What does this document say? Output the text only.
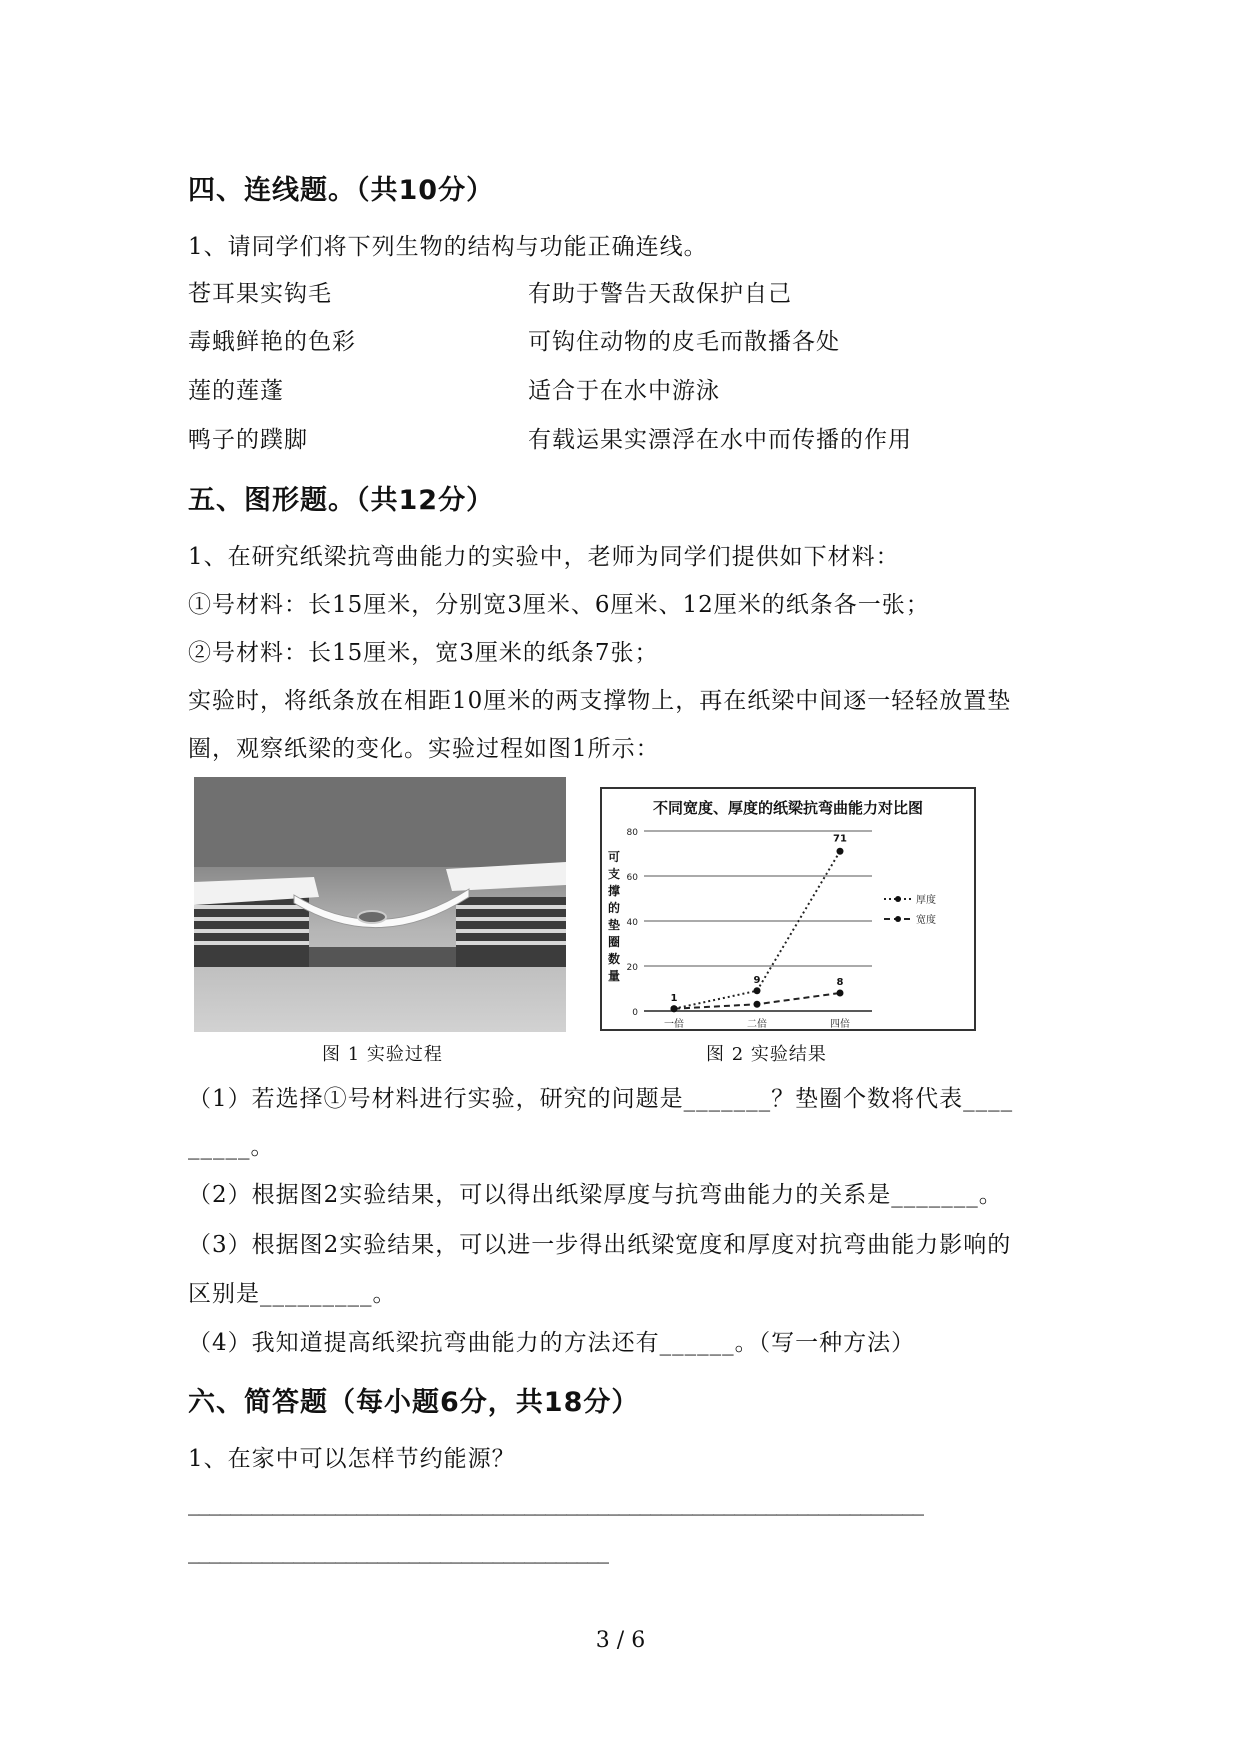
四、连线题。（共10分）
1、请同学们将下列生物的结构与功能正确连线。
苍耳果实钩毛
毒蛾鲜艳的色彩
莲的莲蓬
鸭子的蹼脚
有助于警告天敌保护自己
可钩住动物的皮毛而散播各处
适合于在水中游泳
有载运果实漂浮在水中而传播的作用
五、图形题。（共12分）
1、在研究纸梁抗弯曲能力的实验中，老师为同学们提供如下材料：
①号材料：长15厘米，分别宽3厘米、6厘米、12厘米的纸条各一张；
②号材料：长15厘米，宽3厘米的纸条7张；
实验时，将纸条放在相距10厘米的两支撑物上，再在纸梁中间逐一轻轻放置垫
圈，观察纸梁的变化。实验过程如图1所示：
图 1 实验过程
不同宽度、厚度的纸梁抗弯曲能力对比图
可
支
撑
的
垫
圈
数
量
0
20
40
60
80
一倍	二倍	四倍
1
9
71
8
厚度
宽度
图 2 实验结果
（1）若选择①号材料进行实验，研究的问题是_______？垫圈个数将代表____
_____。
（2）根据图2实验结果，可以得出纸梁厚度与抗弯曲能力的关系是_______。
（3）根据图2实验结果，可以进一步得出纸梁宽度和厚度对抗弯曲能力影响的
区别是_________。
（4）我知道提高纸梁抗弯曲能力的方法还有______。（写一种方法）
六、简答题（每小题6分，共18分）
1、在家中可以怎样节约能源？
______________________________________________________________________
________________________________________
3 / 6
